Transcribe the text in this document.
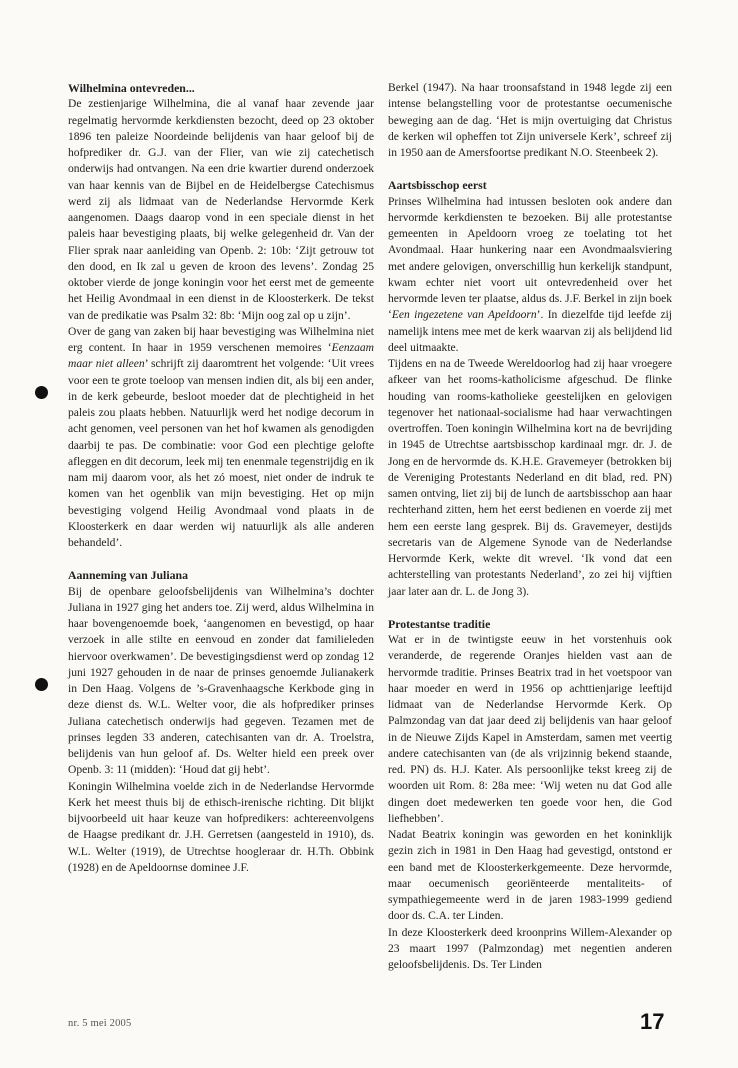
Wilhelmina ontevreden...

De zestienjarige Wilhelmina, die al vanaf haar zevende jaar regelmatig hervormde kerkdiensten bezocht, deed op 23 oktober 1896 ten paleize Noordeinde belijdenis van haar geloof bij de hofprediker dr. G.J. van der Flier, van wie zij catechetisch onderwijs had ontvangen. Na een drie kwartier durend onderzoek van haar kennis van de Bijbel en de Heidelbergse Catechismus werd zij als lidmaat van de Nederlandse Hervormde Kerk aangenomen. Daags daarop vond in een speciale dienst in het paleis haar bevestiging plaats, bij welke gelegenheid dr. Van der Flier sprak naar aanleiding van Openb. 2: 10b: ‘Zijt getrouw tot den dood, en Ik zal u geven de kroon des levens’. Zondag 25 oktober vierde de jonge koningin voor het eerst met de gemeente het Heilig Avondmaal in een dienst in de Kloosterkerk. De tekst van de predikatie was Psalm 32: 8b: ‘Mijn oog zal op u zijn’.

Over de gang van zaken bij haar bevestiging was Wilhelmina niet erg content. In haar in 1959 verschenen memoires ‘Eenzaam maar niet alleen’ schrijft zij daaromtrent het volgende: ‘Uit vrees voor een te grote toeloop van mensen indien dit, als bij een ander, in de kerk gebeurde, besloot moeder dat de plechtigheid in het paleis zou plaats hebben. Natuurlijk werd het nodige decorum in acht genomen, veel personen van het hof kwamen als genodigden daarbij te pas. De combinatie: voor God een plechtige gelofte afleggen en dit decorum, leek mij ten enenmale tegenstrijdig en ik nam mij daarom voor, als het zó moest, niet onder de indruk te komen van het ogenblik van mijn bevestiging. Het op mijn bevestiging volgend Heilig Avondmaal vond plaats in de Kloosterkerk en daar werden wij natuurlijk als alle anderen behandeld’.

Aanneming van Juliana

Bij de openbare geloofsbelijdenis van Wilhelmina’s dochter Juliana in 1927 ging het anders toe. Zij werd, aldus Wilhelmina in haar bovengenoemde boek, ‘aangenomen en bevestigd, op haar verzoek in alle stilte en eenvoud en zonder dat familieleden hiervoor overkwamen’. De bevestigingsdienst werd op zondag 12 juni 1927 gehouden in de naar de prinses genoemde Julianakerk in Den Haag. Volgens de ’s-Gravenhaagsche Kerkbode ging in deze dienst ds. W.L. Welter voor, die als hofprediker prinses Juliana catechetisch onderwijs had gegeven. Tezamen met de prinses legden 33 anderen, catechisanten van dr. A. Troelstra, belijdenis van hun geloof af. Ds. Welter hield een preek over Openb. 3: 11 (midden): ‘Houd dat gij hebt’.

Koningin Wilhelmina voelde zich in de Nederlandse Hervormde Kerk het meest thuis bij de ethisch-irenische richting. Dit blijkt bijvoorbeeld uit haar keuze van hofpredikers: achtereenvolgens de Haagse predikant dr. J.H. Gerretsen (aangesteld in 1910), ds. W.L. Welter (1919), de Utrechtse hoogleraar dr. H.Th. Obbink (1928) en de Apeldoornse dominee J.F.

Berkel (1947). Na haar troonsafstand in 1948 legde zij een intense belangstelling voor de protestantse oecumenische beweging aan de dag. ‘Het is mijn overtuiging dat Christus de kerken wil opheffen tot Zijn universele Kerk’, schreef zij in 1950 aan de Amersfoortse predikant N.O. Steenbeek 2).

Aartsbisschop eerst

Prinses Wilhelmina had intussen besloten ook andere dan hervormde kerkdiensten te bezoeken. Bij alle protestantse gemeenten in Apeldoorn vroeg ze toelating tot het Avondmaal. Haar hunkering naar een Avondmaalsviering met andere gelovigen, onverschillig hun kerkelijk standpunt, kwam echter niet voort uit ontevredenheid over het hervormde leven ter plaatse, aldus ds. J.F. Berkel in zijn boek ‘Een ingezetene van Apeldoorn’. In diezelfde tijd leefde zij namelijk intens mee met de kerk waarvan zij als belijdend lid deel uitmaakte.

Tijdens en na de Tweede Wereldoorlog had zij haar vroegere afkeer van het rooms-katholicisme afgeschud. De flinke houding van rooms-katholieke geestelijken en gelovigen tegenover het nationaal-socialisme had haar verwachtingen overtroffen. Toen koningin Wilhelmina kort na de bevrijding in 1945 de Utrechtse aartsbisschop kardinaal mgr. dr. J. de Jong en de hervormde ds. K.H.E. Gravemeyer (betrokken bij de Vereniging Protestants Nederland en dit blad, red. PN) samen ontving, liet zij bij de lunch de aartsbisschop aan haar rechterhand zitten, hem het eerst bedienen en voerde zij met hem een eerste lang gesprek. Bij ds. Gravemeyer, destijds secretaris van de Algemene Synode van de Nederlandse Hervormde Kerk, wekte dit wrevel. ‘Ik vond dat een achterstelling van protestants Nederland’, zo zei hij vijftien jaar later aan dr. L. de Jong 3).

Protestantse traditie

Wat er in de twintigste eeuw in het vorstenhuis ook veranderde, de regerende Oranjes hielden vast aan de hervormde traditie. Prinses Beatrix trad in het voetspoor van haar moeder en werd in 1956 op achttienjarige leeftijd lidmaat van de Nederlandse Hervormde Kerk. Op Palmzondag van dat jaar deed zij belijdenis van haar geloof in de Nieuwe Zijds Kapel in Amsterdam, samen met veertig andere catechisanten van (de als vrijzinnig bekend staande, red. PN) ds. H.J. Kater. Als persoonlijke tekst kreeg zij de woorden uit Rom. 8: 28a mee: ‘Wij weten nu dat God alle dingen doet medewerken ten goede voor hen, die God liefhebben’.

Nadat Beatrix koningin was geworden en het koninklijk gezin zich in 1981 in Den Haag had gevestigd, ontstond er een band met de Kloosterkerkgemeente. Deze hervormde, maar oecumenisch georiënteerde mentaliteits- of sympathiegemeente werd in de jaren 1983-1999 gediend door ds. C.A. ter Linden.

In deze Kloosterkerk deed kroonprins Willem-Alexander op 23 maart 1997 (Palmzondag) met negentien anderen geloofsbelijdenis. Ds. Ter Linden

nr. 5 mei 2005	17
